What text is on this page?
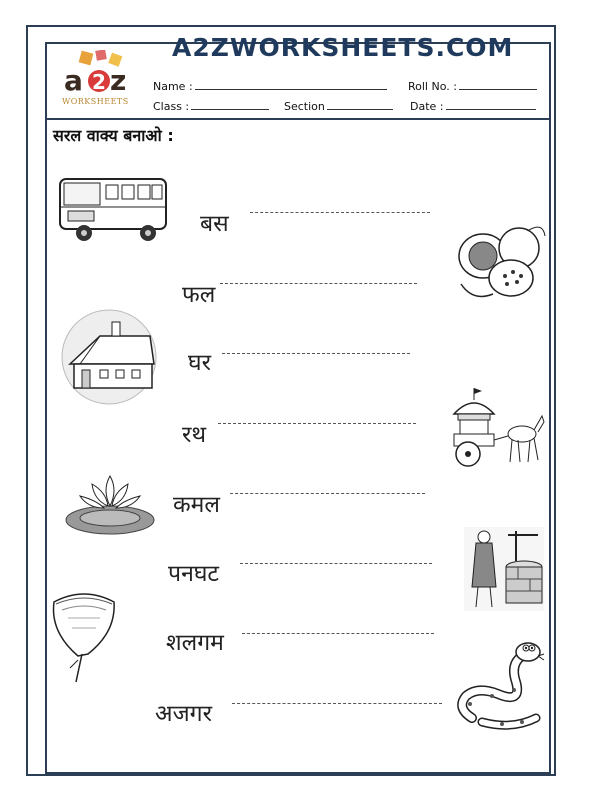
A2ZWORKSHEETS.COM
a 2 z
WORKSHEETS
Name :	Roll No. :
Class :	Section	Date :
सरल वाक्य बनाओ :
बस
फल
घर
रथ
कमल
पनघट
शलगम
अजगर
